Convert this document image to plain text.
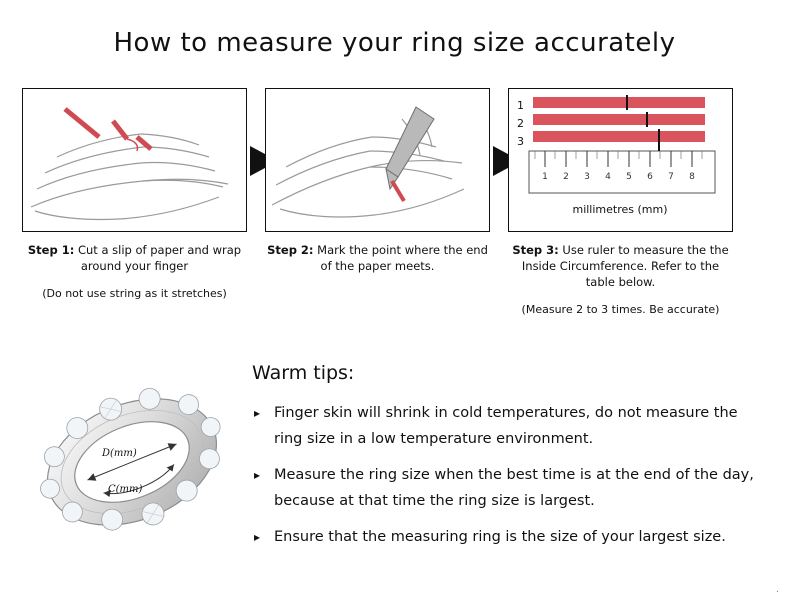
How to measure your ring size accurately
Step 1: Cut a slip of paper and wrap around your finger
(Do not use string as it stretches)
Step 2: Mark the point where the end of the paper meets.
1 2 3 4 5 6 7 8
millimetres (mm)
1
2
3
Step 3: Use ruler to measure the the Inside Circumference. Refer to the table below.
(Measure 2 to 3 times. Be accurate)
D(mm)
C(mm)
Warm tips:
▸ Finger skin will shrink in cold temperatures, do not measure the ring size in a low temperature environment.
▸ Measure the ring size when the best time is at the end of the day, because at that time the ring size is largest.
▸ Ensure that the measuring ring is the size of your largest size.
·
